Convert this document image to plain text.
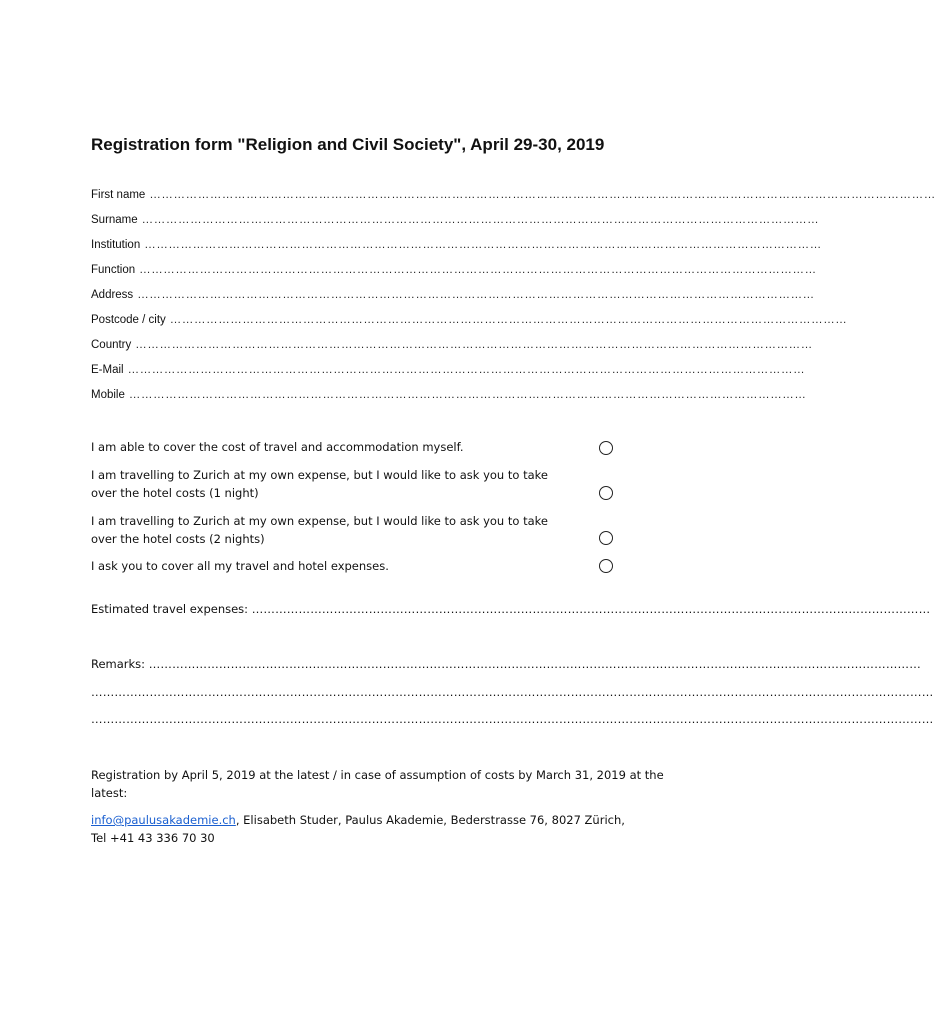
Registration form "Religion and Civil Society", April 29-30, 2019
First name ……………………………………………………………………………………………………………………………………………………………………………
Surname ……………………………………………………………………………………………………………………………………………………
Institution ……………………………………………………………………………………………………………………………………………………
Function ……………………………………………………………………………………………………………………………………………………
Address ……………………………………………………………………………………………………………………………………………………
Postcode / city ……………………………………………………………………………………………………………………………………………………
Country ……………………………………………………………………………………………………………………………………………………
E-Mail ……………………………………………………………………………………………………………………………………………………
Mobile ……………………………………………………………………………………………………………………………………………………
I am able to cover the cost of travel and accommodation myself.
I am travelling to Zurich at my own expense, but I would like to ask you to take over the hotel costs (1 night)
I am travelling to Zurich at my own expense, but I would like to ask you to take over the hotel costs (2 nights)
I ask you to cover all my travel and hotel expenses.
Estimated travel expenses: …………………………………………………………………………………………………………………………………………………………
Remarks: ………………………………………………………………………………………………………………………………………………………………………………
………………………………………………………………………………………………………………………………………………………………………………………………
………………………………………………………………………………………………………………………………………………………………………………………………
Registration by April 5, 2019 at the latest / in case of assumption of costs by March 31, 2019 at the latest:
info@paulusakademie.ch, Elisabeth Studer, Paulus Akademie, Bederstrasse 76, 8027 Zürich,
Tel +41 43 336 70 30
